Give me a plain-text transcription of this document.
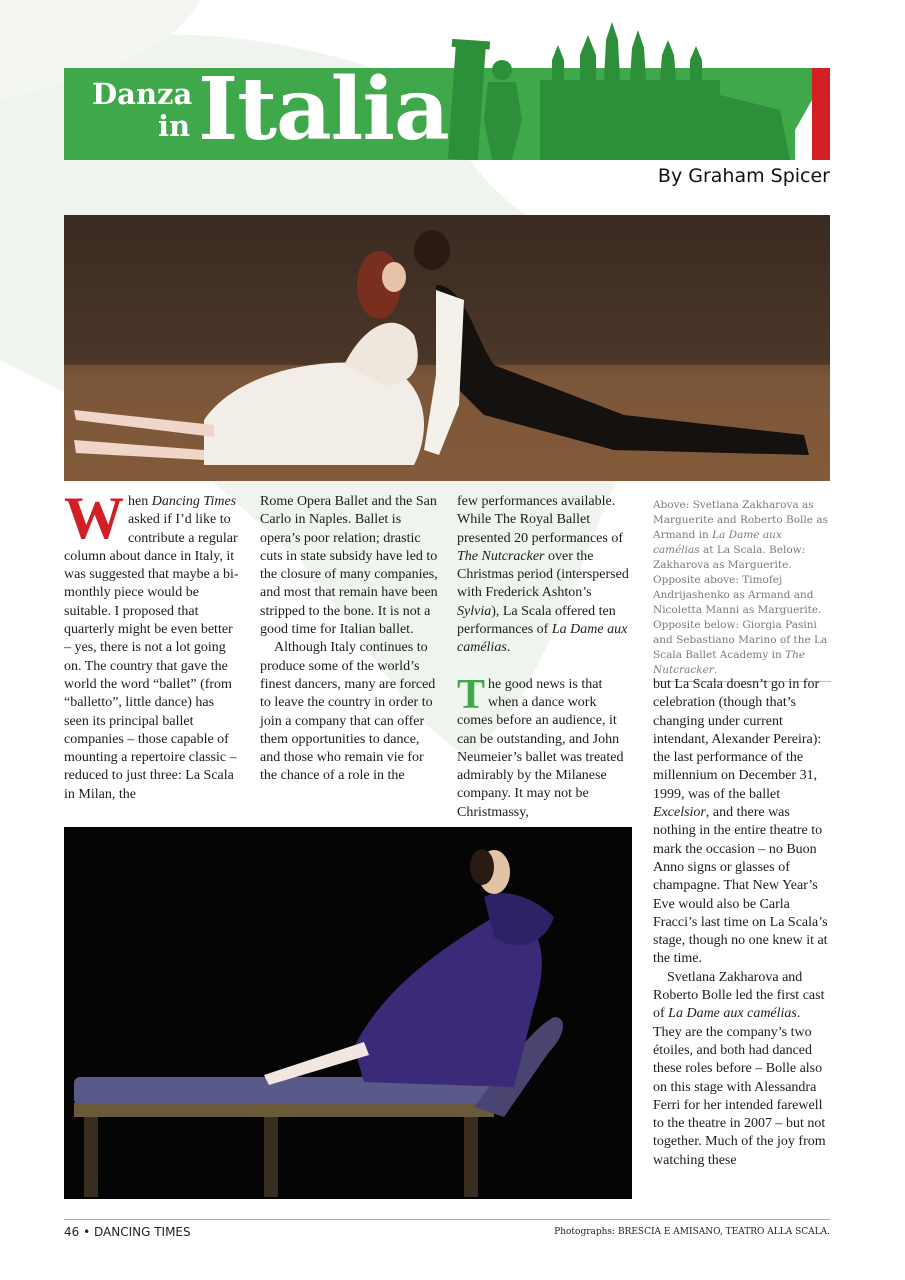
Danza
in Italia
By Graham Spicer

W hen Dancing Times asked if I’d like to contribute a regular column about dance in Italy, it was suggested that maybe a bi-monthly piece would be suitable. I proposed that quarterly might be even better – yes, there is not a lot going on. The country that gave the world the word “ballet” (from “balletto”, little dance) has seen its principal ballet companies – those capable of mounting a repertoire classic – reduced to just three: La Scala in Milan, the

Rome Opera Ballet and the San Carlo in Naples. Ballet is opera’s poor relation; drastic cuts in state subsidy have led to the closure of many companies, and most that remain have been stripped to the bone. It is not a good time for Italian ballet.

Although Italy continues to produce some of the world’s finest dancers, many are forced to leave the country in order to join a company that can offer them opportunities to dance, and those who remain vie for the chance of a role in the

few performances available. While The Royal Ballet presented 20 performances of The Nutcracker over the Christmas period (interspersed with Frederick Ashton’s Sylvia), La Scala offered ten performances of La Dame aux camélias.

T he good news is that when a dance work comes before an audience, it can be outstanding, and John Neumeier’s ballet was treated admirably by the Milanese company. It may not be Christmassy,

Above: Svetlana Zakharova as Marguerite and Roberto Bolle as Armand in La Dame aux camélias at La Scala. Below: Zakharova as Marguerite. Opposite above: Timofej Andrijashenko as Armand and Nicoletta Manni as Marguerite. Opposite below: Giorgia Pasini and Sebastiano Marino of the La Scala Ballet Academy in The Nutcracker.

but La Scala doesn’t go in for celebration (though that’s changing under current intendant, Alexander Pereira): the last performance of the millennium on December 31, 1999, was of the ballet Excelsior, and there was nothing in the entire theatre to mark the occasion – no Buon Anno signs or glasses of champagne. That New Year’s Eve would also be Carla Fracci’s last time on La Scala’s stage, though no one knew it at the time.

Svetlana Zakharova and Roberto Bolle led the first cast of La Dame aux camélias. They are the company’s two étoiles, and both had danced these roles before – Bolle also on this stage with Alessandra Ferri for her intended farewell to the theatre in 2007 – but not together. Much of the joy from watching these

46 • DANCING TIMES	Photographs: BRESCIA E AMISANO, TEATRO ALLA SCALA.
